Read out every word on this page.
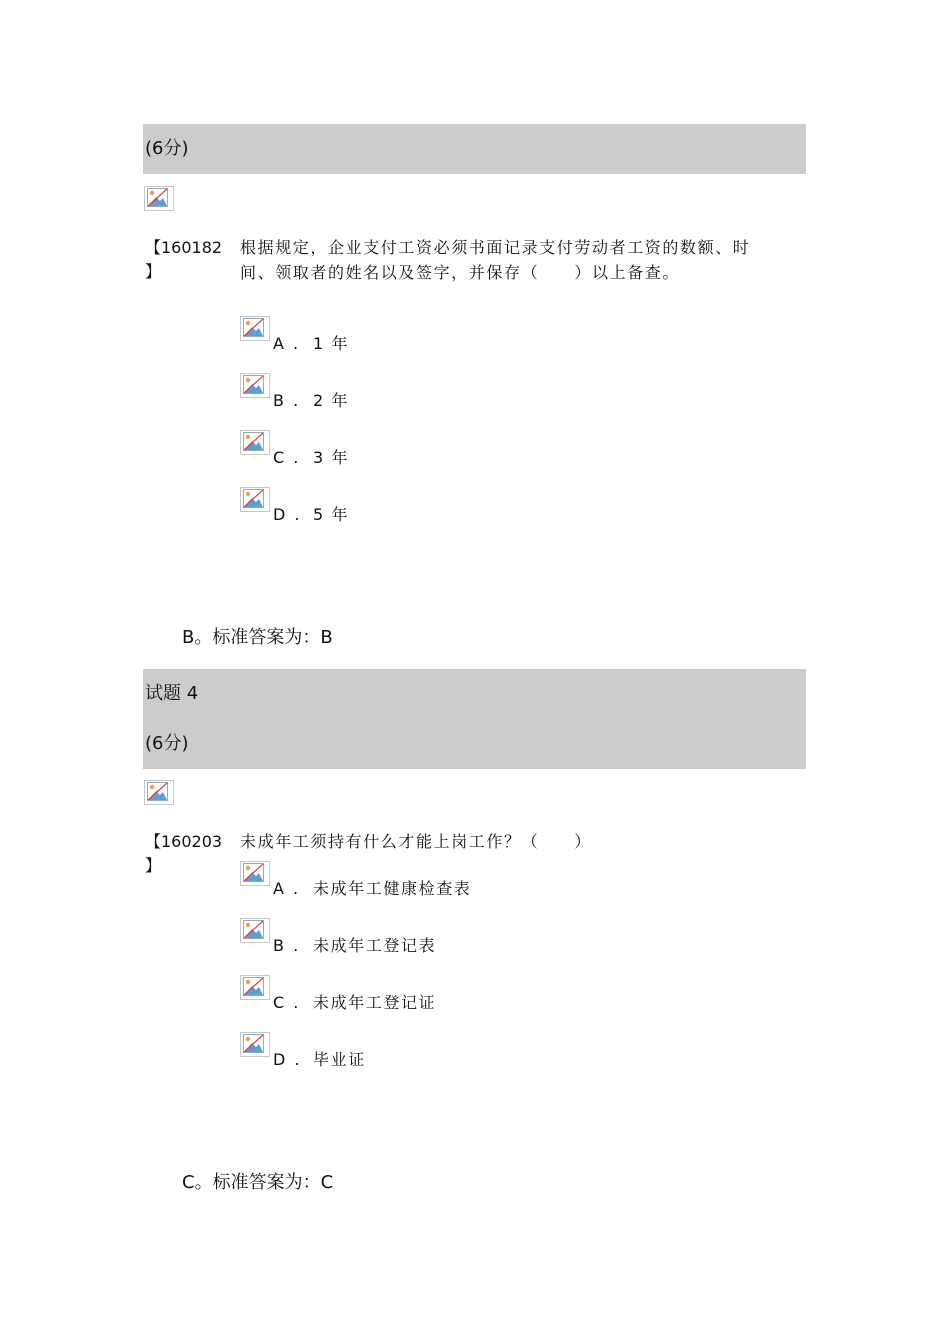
(6分)
【160182
】
根据规定，企业支付工资必须书面记录支付劳动者工资的数额、时间、领取者的姓名以及签字，并保存（　　）以上备查。
A . 1 年
B . 2 年
C . 3 年
D . 5 年
B。标准答案为：B
试题 4
(6分)
【160203
】
未成年工须持有什么才能上岗工作？（　　）
A . 未成年工健康检查表
B . 未成年工登记表
C . 未成年工登记证
D . 毕业证
C。标准答案为：C
